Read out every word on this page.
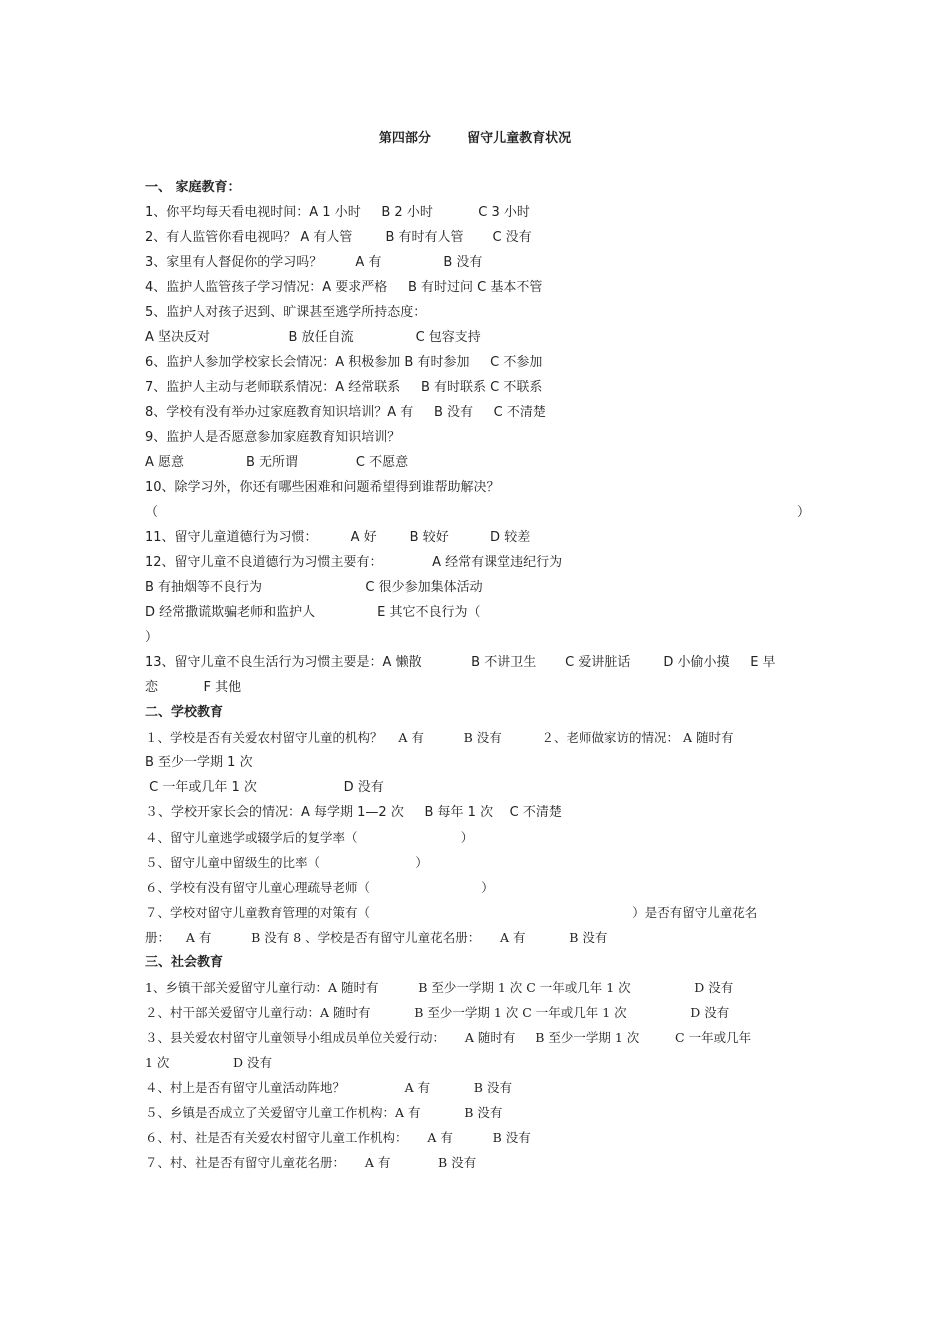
第四部分	留守儿童教育状况
一、 家庭教育：
1、你平均每天看电视时间：A 1 小时     B 2 小时           C 3 小时
2、有人监管你看电视吗？ A 有人管        B 有时有人管       C 没有
3、家里有人督促你的学习吗？        A 有               B 没有
4、监护人监管孩子学习情况：A 要求严格     B 有时过问 C 基本不管
5、监护人对孩子迟到、旷课甚至逃学所持态度：
A 坚决反对                   B 放任自流               C 包容支持
6、监护人参加学校家长会情况：A 积极参加 B 有时参加     C 不参加
7、监护人主动与老师联系情况：A 经常联系     B 有时联系 C 不联系
8、学校有没有举办过家庭教育知识培训？A 有     B 没有     C 不清楚
9、监护人是否愿意参加家庭教育知识培训？
A 愿意               B 无所谓              C 不愿意
10、除学习外，你还有哪些困难和问题希望得到谁帮助解决？
（	）
11、留守儿童道德行为习惯：        A 好        B 较好          D 较差
12、留守儿童不良道德行为习惯主要有：            A 经常有课堂违纪行为
B 有抽烟等不良行为                         C 很少参加集体活动
D 经常撒谎欺骗老师和监护人               E 其它不良行为（
）
13、留守儿童不良生活行为习惯主要是：A 懒散            B 不讲卫生       C 爱讲脏话        D 小偷小摸     E 早
恋           F 其他
二、学校教育
１、学校是否有关爱农村留守儿童的机构？    A 有          B 没有          ２、老师做家访的情况： A 随时有
B 至少一学期 1 次
C 一年或几年 1 次                     D 没有
３、学校开家长会的情况：A 每学期 1—2 次     B 每年 1 次    C 不清楚
４、留守儿童逃学或辍学后的复学率（                          ）
５、留守儿童中留级生的比率（                        ）
６、学校有没有留守儿童心理疏导老师（                            ）
７、学校对留守儿童教育管理的对策有（                                                                  ）是否有留守儿童花名
册：    A 有          B 没有 8 、学校是否有留守儿童花名册：     A 有           B 没有
三、社会教育
1、乡镇干部关爱留守儿童行动：A 随时有          B 至少一学期 1 次 C 一年或几年 1 次                D 没有
２、村干部关爱留守儿童行动：A 随时有           B 至少一学期 1 次 C 一年或几年 1 次                D 没有
３、县关爱农村留守儿童领导小组成员单位关爱行动：     A 随时有     B 至少一学期 1 次         C 一年或几年
1 次                D 没有
４、村上是否有留守儿童活动阵地？               A 有           B 没有
５、乡镇是否成立了关爱留守儿童工作机构：A 有           B 没有
６、村、社是否有关爱农村留守儿童工作机构：     A 有          B 没有
７、村、社是否有留守儿童花名册：     A 有            B 没有
